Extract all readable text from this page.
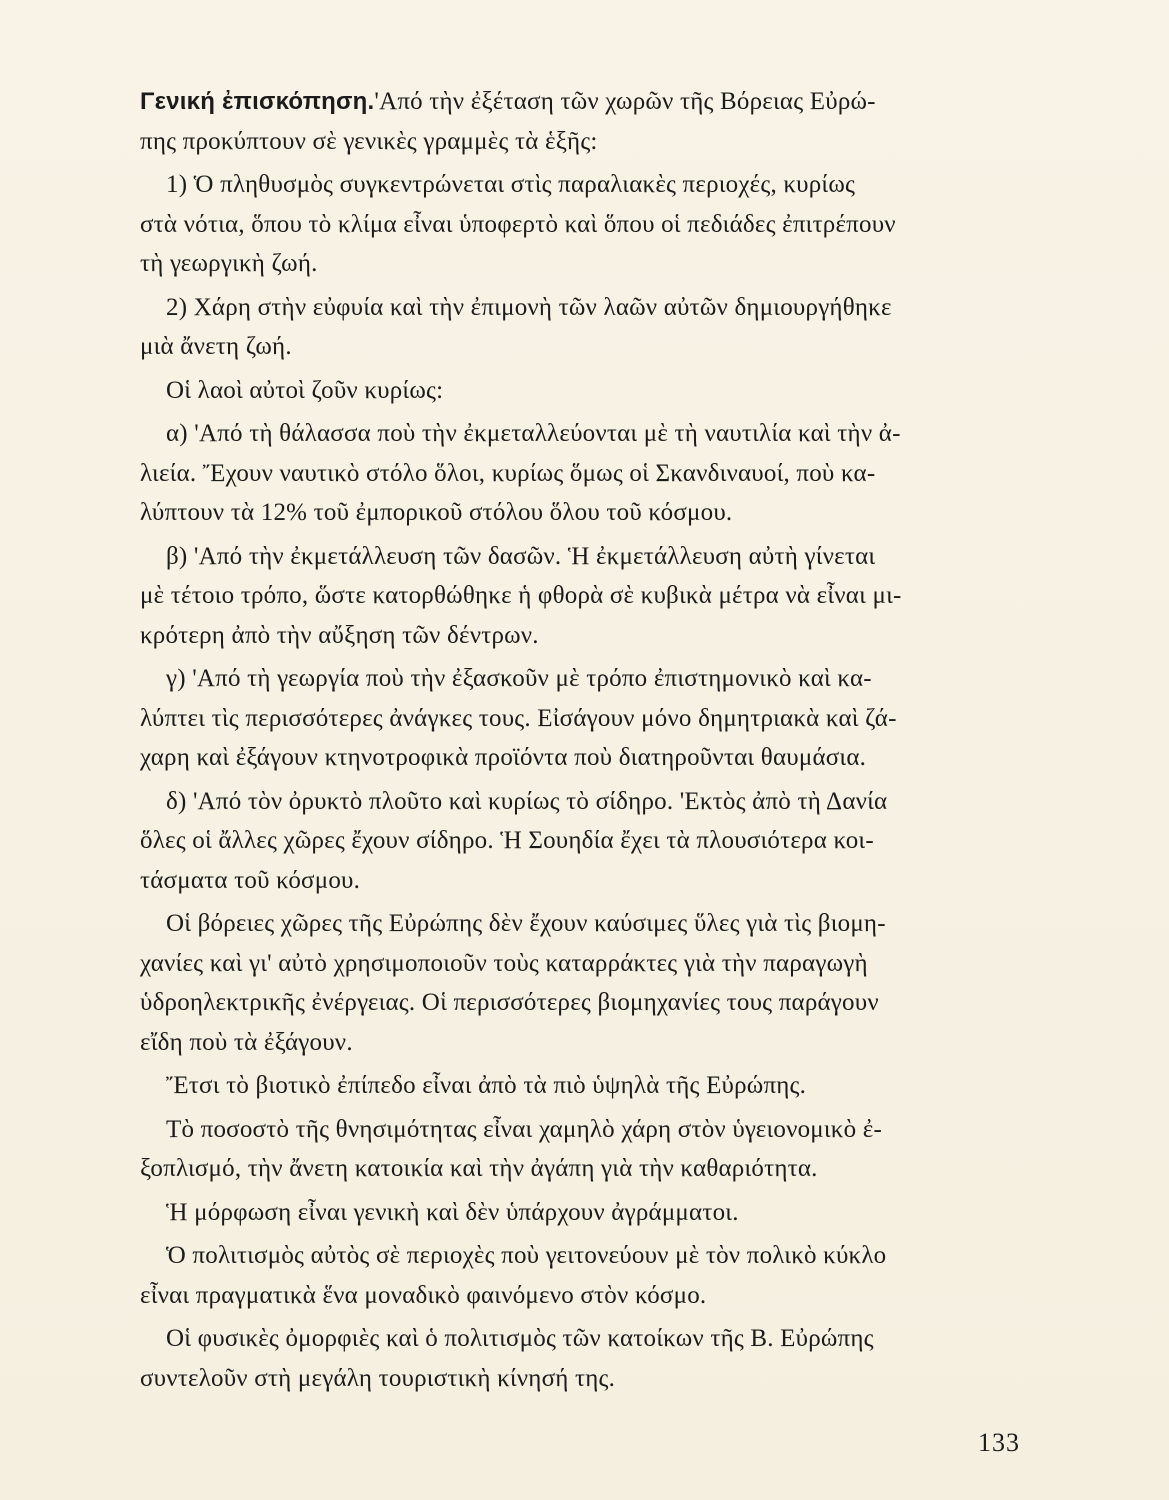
Γενική ἐπισκόπηση.'Από τὴν ἐξέταση τῶν χωρῶν τῆς Βόρειας Εὐρώ-
πης προκύπτουν σὲ γενικὲς γραμμὲς τὰ ἑξῆς:
1) Ὁ πληθυσμὸς συγκεντρώνεται στὶς παραλιακὲς περιοχές, κυρίως
στὰ νότια, ὅπου τὸ κλίμα εἶναι ὑποφερτὸ καὶ ὅπου οἱ πεδιάδες ἐπιτρέπουν
τὴ γεωργικὴ ζωή.
2) Χάρη στὴν εὐφυία καὶ τὴν ἐπιμονὴ τῶν λαῶν αὐτῶν δημιουργήθηκε
μιὰ ἄνετη ζωή.
Οἱ λαοὶ αὐτοὶ ζοῦν κυρίως:
α) 'Από τὴ θάλασσα ποὺ τὴν ἐκμεταλλεύονται μὲ τὴ ναυτιλία καὶ τὴν ἀ-
λιεία. Ἔχουν ναυτικὸ στόλο ὅλοι, κυρίως ὅμως οἱ Σκανδιναυοί, ποὺ κα-
λύπτουν τὰ 12% τοῦ ἐμπορικοῦ στόλου ὅλου τοῦ κόσμου.
β) 'Από τὴν ἐκμετάλλευση τῶν δασῶν. Ἡ ἐκμετάλλευση αὐτὴ γίνεται
μὲ τέτοιο τρόπο, ὥστε κατορθώθηκε ἡ φθορὰ σὲ κυβικὰ μέτρα νὰ εἶναι μι-
κρότερη ἀπὸ τὴν αὔξηση τῶν δέντρων.
γ) 'Από τὴ γεωργία ποὺ τὴν ἐξασκοῦν μὲ τρόπο ἐπιστημονικὸ καὶ κα-
λύπτει τὶς περισσότερες ἀνάγκες τους. Εἰσάγουν μόνο δημητριακὰ καὶ ζά-
χαρη καὶ ἐξάγουν κτηνοτροφικὰ προϊόντα ποὺ διατηροῦνται θαυμάσια.
δ) 'Από τὸν ὀρυκτὸ πλοῦτο καὶ κυρίως τὸ σίδηρο. 'Εκτὸς ἀπὸ τὴ Δανία
ὅλες οἱ ἄλλες χῶρες ἔχουν σίδηρο. Ἡ Σουηδία ἔχει τὰ πλουσιότερα κοι-
τάσματα τοῦ κόσμου.
Οἱ βόρειες χῶρες τῆς Εὐρώπης δὲν ἔχουν καύσιμες ὕλες γιὰ τὶς βιομη-
χανίες καὶ γι' αὐτὸ χρησιμοποιοῦν τοὺς καταρράκτες γιὰ τὴν παραγωγὴ
ὑδροηλεκτρικῆς ἐνέργειας. Οἱ περισσότερες βιομηχανίες τους παράγουν
εἴδη ποὺ τὰ ἐξάγουν.
Ἔτσι τὸ βιοτικὸ ἐπίπεδο εἶναι ἀπὸ τὰ πιὸ ὑψηλὰ τῆς Εὐρώπης.
Τὸ ποσοστὸ τῆς θνησιμότητας εἶναι χαμηλὸ χάρη στὸν ὑγειονομικὸ ἐ-
ξοπλισμό, τὴν ἄνετη κατοικία καὶ τὴν ἀγάπη γιὰ τὴν καθαριότητα.
Ἡ μόρφωση εἶναι γενικὴ καὶ δὲν ὑπάρχουν ἀγράμματοι.
Ὁ πολιτισμὸς αὐτὸς σὲ περιοχὲς ποὺ γειτονεύουν μὲ τὸν πολικὸ κύκλο
εἶναι πραγματικὰ ἕνα μοναδικὸ φαινόμενο στὸν κόσμο.
Οἱ φυσικὲς ὀμορφιὲς καὶ ὁ πολιτισμὸς τῶν κατοίκων τῆς Β. Εὐρώπης
συντελοῦν στὴ μεγάλη τουριστικὴ κίνησή της.
133
